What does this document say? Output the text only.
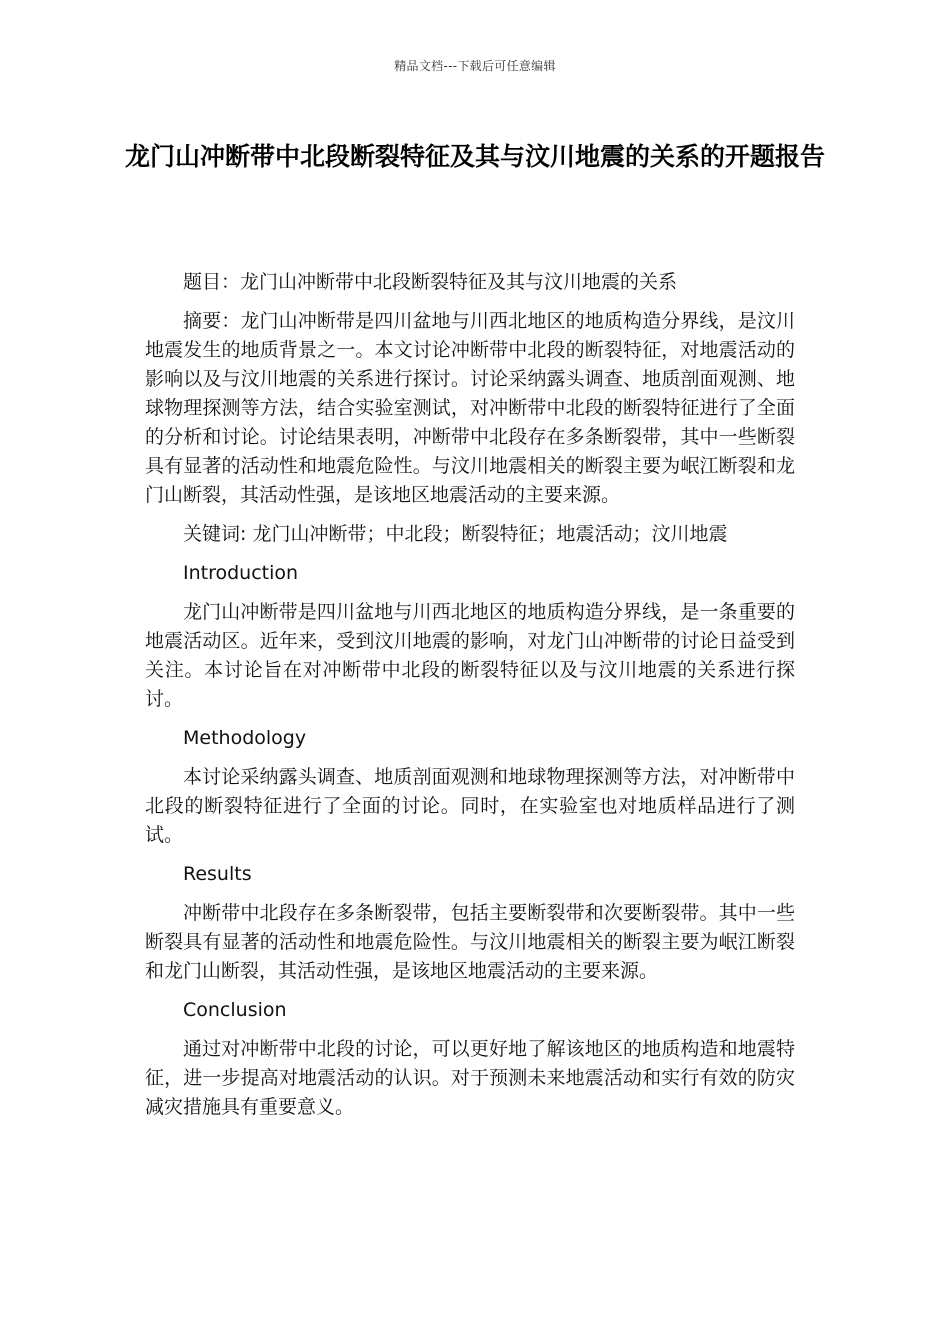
精品文档---下载后可任意编辑
龙门山冲断带中北段断裂特征及其与汶川地震的关系的开题报告

题目：龙门山冲断带中北段断裂特征及其与汶川地震的关系

摘要：龙门山冲断带是四川盆地与川西北地区的地质构造分界线，是汶川地震发生的地质背景之一。本文讨论冲断带中北段的断裂特征，对地震活动的影响以及与汶川地震的关系进行探讨。讨论采纳露头调查、地质剖面观测、地球物理探测等方法，结合实验室测试，对冲断带中北段的断裂特征进行了全面的分析和讨论。讨论结果表明，冲断带中北段存在多条断裂带，其中一些断裂具有显著的活动性和地震危险性。与汶川地震相关的断裂主要为岷江断裂和龙门山断裂，其活动性强，是该地区地震活动的主要来源。

关键词: 龙门山冲断带；中北段；断裂特征；地震活动；汶川地震

Introduction

龙门山冲断带是四川盆地与川西北地区的地质构造分界线，是一条重要的地震活动区。近年来，受到汶川地震的影响，对龙门山冲断带的讨论日益受到关注。本讨论旨在对冲断带中北段的断裂特征以及与汶川地震的关系进行探讨。

Methodology

本讨论采纳露头调查、地质剖面观测和地球物理探测等方法，对冲断带中北段的断裂特征进行了全面的讨论。同时，在实验室也对地质样品进行了测试。

Results

冲断带中北段存在多条断裂带，包括主要断裂带和次要断裂带。其中一些断裂具有显著的活动性和地震危险性。与汶川地震相关的断裂主要为岷江断裂和龙门山断裂，其活动性强，是该地区地震活动的主要来源。

Conclusion

通过对冲断带中北段的讨论，可以更好地了解该地区的地质构造和地震特征，进一步提高对地震活动的认识。对于预测未来地震活动和实行有效的防灾减灾措施具有重要意义。
